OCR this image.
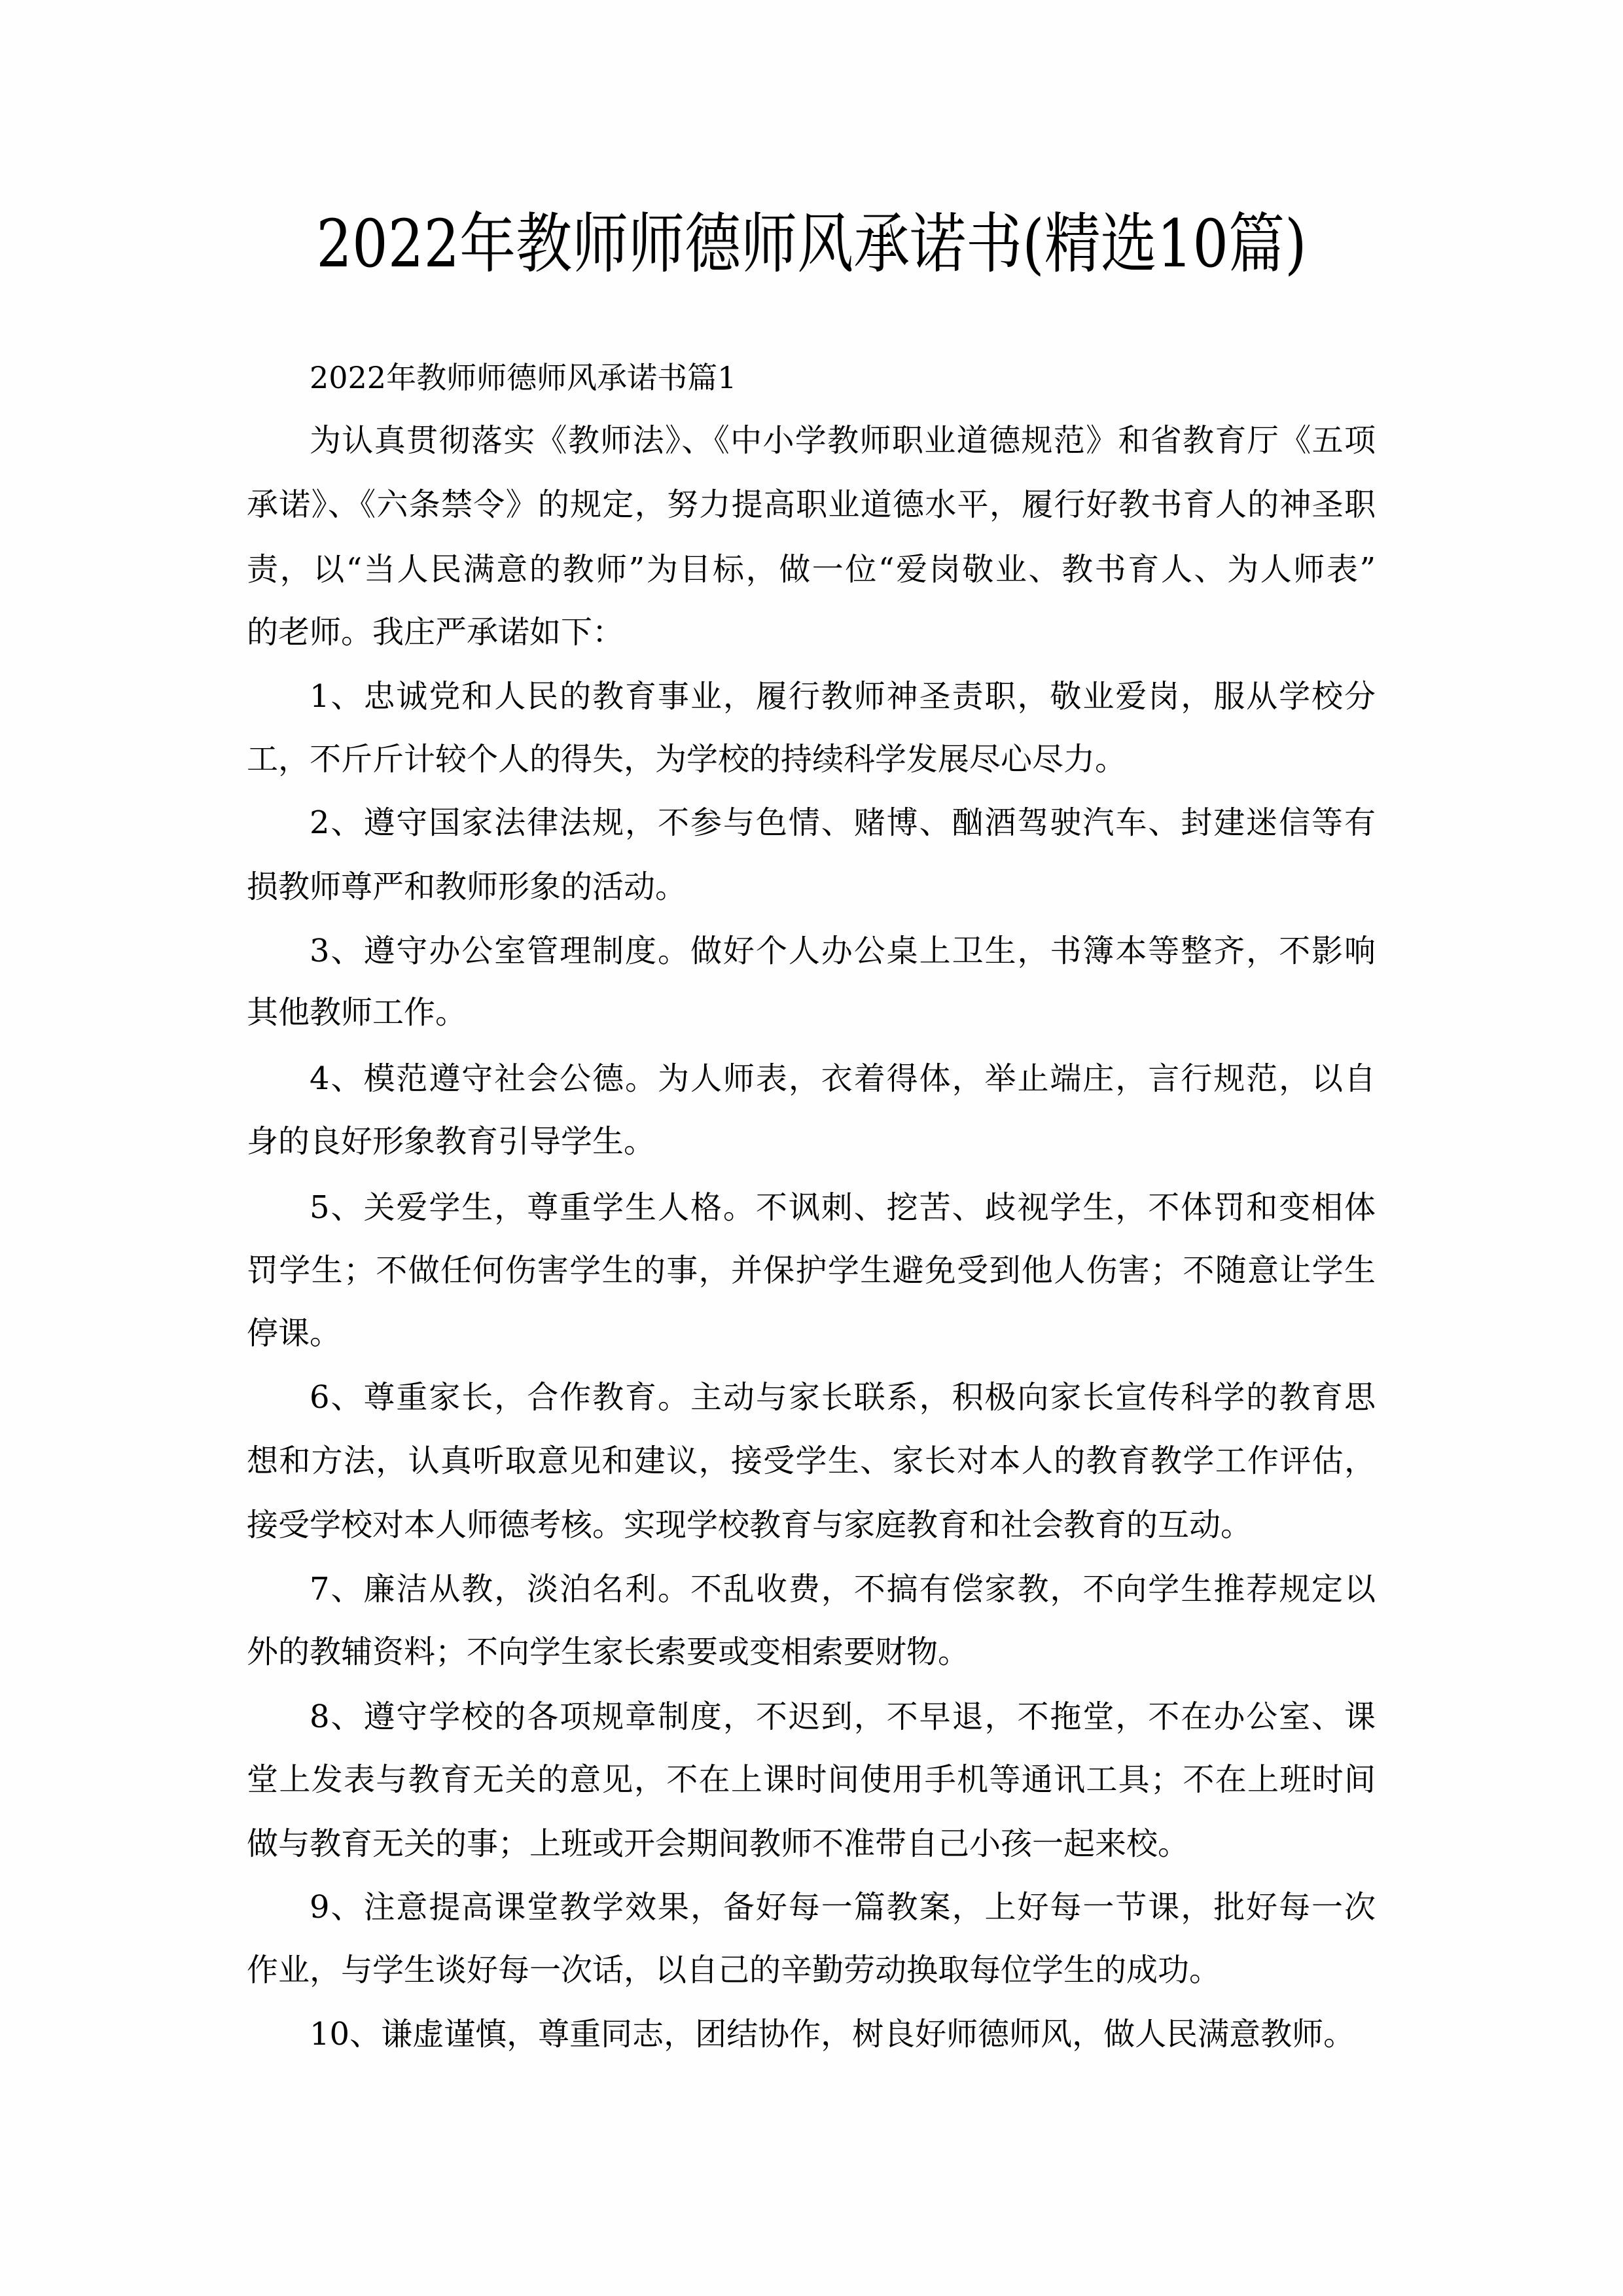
2022年教师师德师风承诺书(精选10篇)
2022年教师师德师风承诺书篇1
为认真贯彻落实《教师法》、《中小学教师职业道德规范》和省教育厅《五项
承诺》、《六条禁令》的规定，努力提高职业道德水平，履行好教书育人的神圣职
责，以“当人民满意的教师”为目标，做一位“爱岗敬业、教书育人、为人师表”
的老师。我庄严承诺如下：
1、忠诚党和人民的教育事业，履行教师神圣责职，敬业爱岗，服从学校分
工，不斤斤计较个人的得失，为学校的持续科学发展尽心尽力。
2、遵守国家法律法规，不参与色情、赌博、酗酒驾驶汽车、封建迷信等有
损教师尊严和教师形象的活动。
3、遵守办公室管理制度。做好个人办公桌上卫生，书簿本等整齐，不影响
其他教师工作。
4、模范遵守社会公德。为人师表，衣着得体，举止端庄，言行规范，以自
身的良好形象教育引导学生。
5、关爱学生，尊重学生人格。不讽刺、挖苦、歧视学生，不体罚和变相体
罚学生；不做任何伤害学生的事，并保护学生避免受到他人伤害；不随意让学生
停课。
6、尊重家长，合作教育。主动与家长联系，积极向家长宣传科学的教育思
想和方法，认真听取意见和建议，接受学生、家长对本人的教育教学工作评估，
接受学校对本人师德考核。实现学校教育与家庭教育和社会教育的互动。
7、廉洁从教，淡泊名利。不乱收费，不搞有偿家教，不向学生推荐规定以
外的教辅资料；不向学生家长索要或变相索要财物。
8、遵守学校的各项规章制度，不迟到，不早退，不拖堂，不在办公室、课
堂上发表与教育无关的意见，不在上课时间使用手机等通讯工具；不在上班时间
做与教育无关的事；上班或开会期间教师不准带自己小孩一起来校。
9、注意提高课堂教学效果，备好每一篇教案，上好每一节课，批好每一次
作业，与学生谈好每一次话，以自己的辛勤劳动换取每位学生的成功。
10、谦虚谨慎，尊重同志，团结协作，树良好师德师风，做人民满意教师。
